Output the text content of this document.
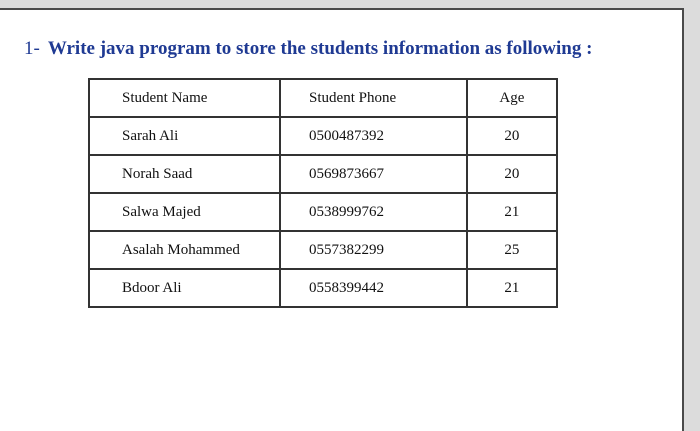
1- Write java program to store the students information as following :
Student Name	Student Phone	Age
Sarah Ali	0500487392	20
Norah Saad	0569873667	20
Salwa Majed	0538999762	21
Asalah Mohammed	0557382299	25
Bdoor Ali	0558399442	21
